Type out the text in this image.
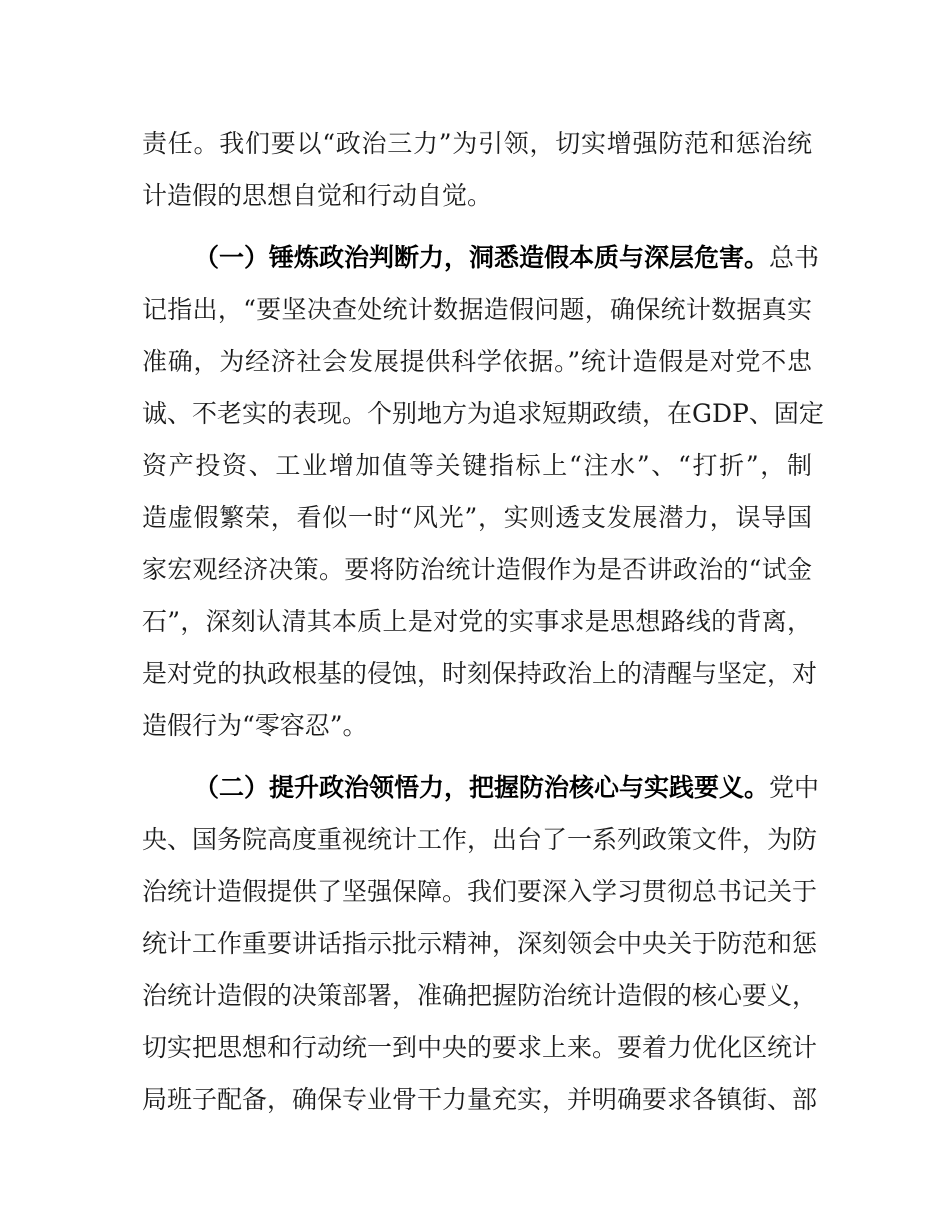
责任。我们要以“政治三力”为引领，切实增强防范和惩治统
计造假的思想自觉和行动自觉。
（一）锤炼政治判断力，洞悉造假本质与深层危害。总书
记指出，“要坚决查处统计数据造假问题，确保统计数据真实
准确，为经济社会发展提供科学依据。”统计造假是对党不忠
诚、不老实的表现。个别地方为追求短期政绩，在GDP、固定
资产投资、工业增加值等关键指标上“注水”、“打折”，制
造虚假繁荣，看似一时“风光”，实则透支发展潜力，误导国
家宏观经济决策。要将防治统计造假作为是否讲政治的“试金
石”，深刻认清其本质上是对党的实事求是思想路线的背离，
是对党的执政根基的侵蚀，时刻保持政治上的清醒与坚定，对
造假行为“零容忍”。
（二）提升政治领悟力，把握防治核心与实践要义。党中
央、国务院高度重视统计工作，出台了一系列政策文件，为防
治统计造假提供了坚强保障。我们要深入学习贯彻总书记关于
统计工作重要讲话指示批示精神，深刻领会中央关于防范和惩
治统计造假的决策部署，准确把握防治统计造假的核心要义，
切实把思想和行动统一到中央的要求上来。要着力优化区统计
局班子配备，确保专业骨干力量充实，并明确要求各镇街、部
